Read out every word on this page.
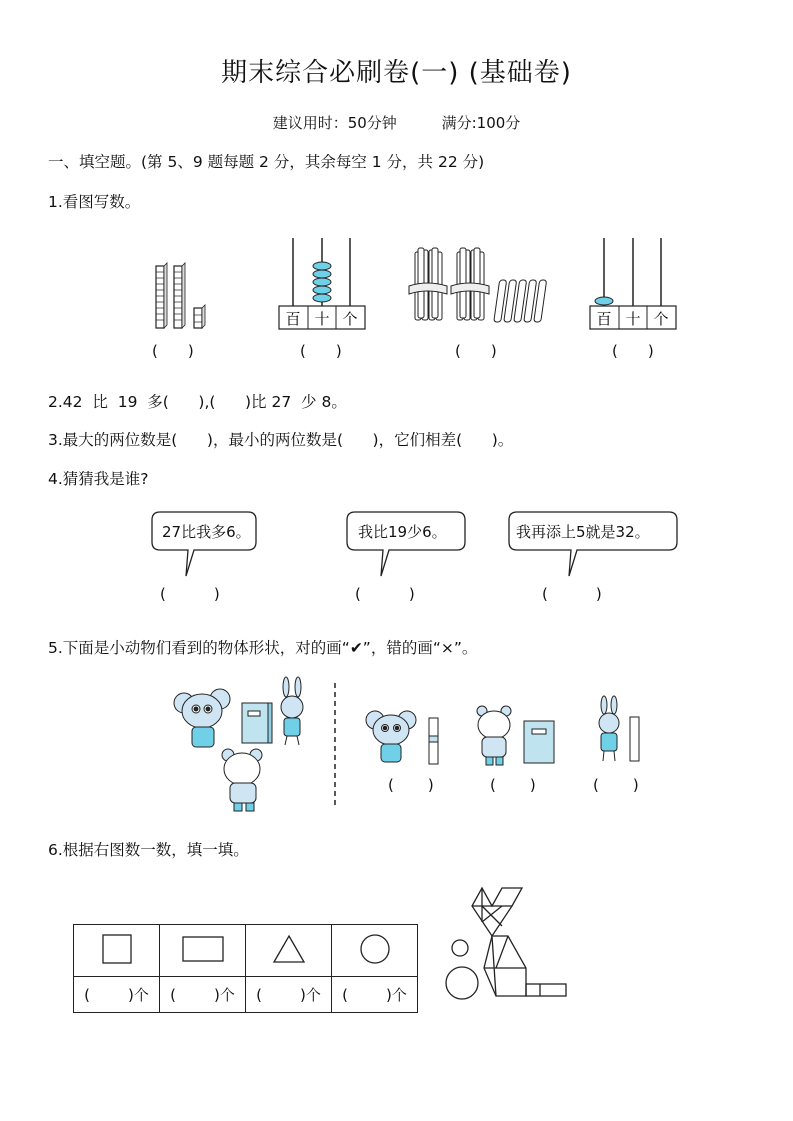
期末综合必刷卷(一) (基础卷)
建议用时：50分钟	满分:100分
一、填空题。(第 5、9 题每题 2 分，其余每空 1 分，共 22 分)
1.看图写数。
百 十 个	百 十 个
( )	( )	( )	( )
2.42  比  19  多(      ),(      )比 27  少 8。
3.最大的两位数是(      )，最小的两位数是(      )，它们相差(      )。
4.猜猜我是谁?
27比我多6。	我比19少6。	我再添上5就是32。
(	)	(	)	(	)
5.下面是小动物们看到的物体形状，对的画“✔”，错的画“×”。
( )	( )	( )
6.根据右图数一数，填一填。

( )个	( )个	( )个	( )个
